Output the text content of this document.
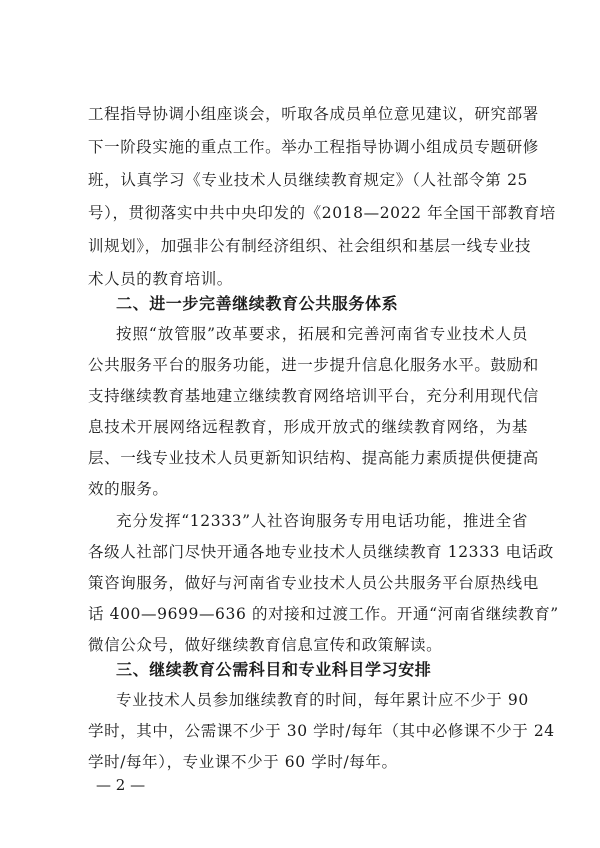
工程指导协调小组座谈会，听取各成员单位意见建议，研究部署
下一阶段实施的重点工作。举办工程指导协调小组成员专题研修
班，认真学习《专业技术人员继续教育规定》（人社部令第 25
号），贯彻落实中共中央印发的《2018—2022 年全国干部教育培
训规划》，加强非公有制经济组织、社会组织和基层一线专业技
术人员的教育培训。
二、进一步完善继续教育公共服务体系
按照“放管服”改革要求，拓展和完善河南省专业技术人员
公共服务平台的服务功能，进一步提升信息化服务水平。鼓励和
支持继续教育基地建立继续教育网络培训平台，充分利用现代信
息技术开展网络远程教育，形成开放式的继续教育网络，为基
层、一线专业技术人员更新知识结构、提高能力素质提供便捷高
效的服务。
充分发挥“12333”人社咨询服务专用电话功能，推进全省
各级人社部门尽快开通各地专业技术人员继续教育 12333 电话政
策咨询服务，做好与河南省专业技术人员公共服务平台原热线电
话 400—9699—636 的对接和过渡工作。开通“河南省继续教育”
微信公众号，做好继续教育信息宣传和政策解读。
三、继续教育公需科目和专业科目学习安排
专业技术人员参加继续教育的时间，每年累计应不少于 90
学时，其中，公需课不少于 30 学时/每年（其中必修课不少于 24
学时/每年），专业课不少于 60 学时/每年。
— 2 —
